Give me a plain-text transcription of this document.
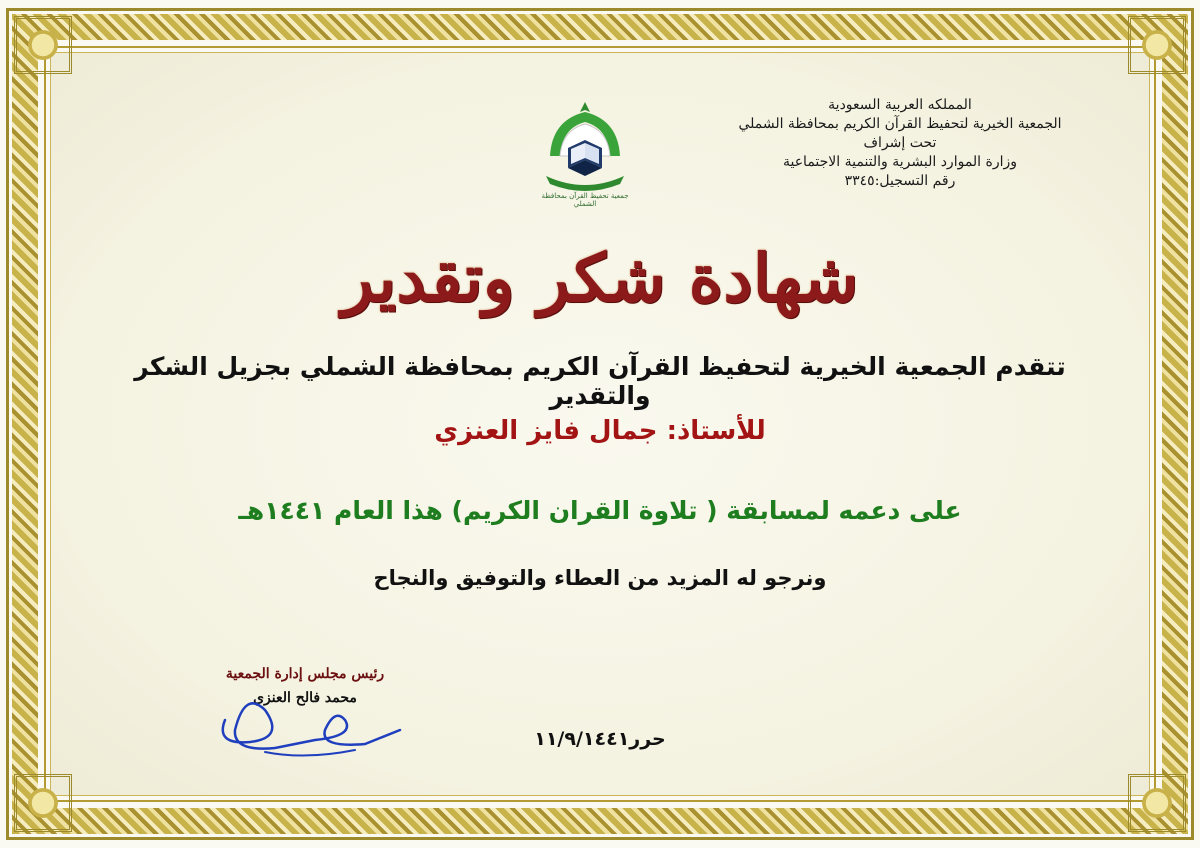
المملكه العربية السعودية
الجمعية الخيرية لتحفيظ القرآن الكريم بمحافظة الشملي
تحت إشراف
وزارة الموارد البشرية والتنمية الاجتماعية
رقم التسجيل:٣٣٤٥
جمعية تحفيظ القرآن بمحافظة الشملي
شهادة شكر وتقدير
تتقدم الجمعية الخيرية لتحفيظ القرآن الكريم بمحافظة الشملي بجزيل الشكر والتقدير
للأستاذ: جمال فايز العنزي
على دعمه لمسابقة ( تلاوة القران الكريم) هذا العام ١٤٤١هـ
ونرجو له المزيد من العطاء والتوفيق والنجاح
رئيس مجلس إدارة الجمعية
محمد فالح العنزي
حرر١١/٩/١٤٤١
